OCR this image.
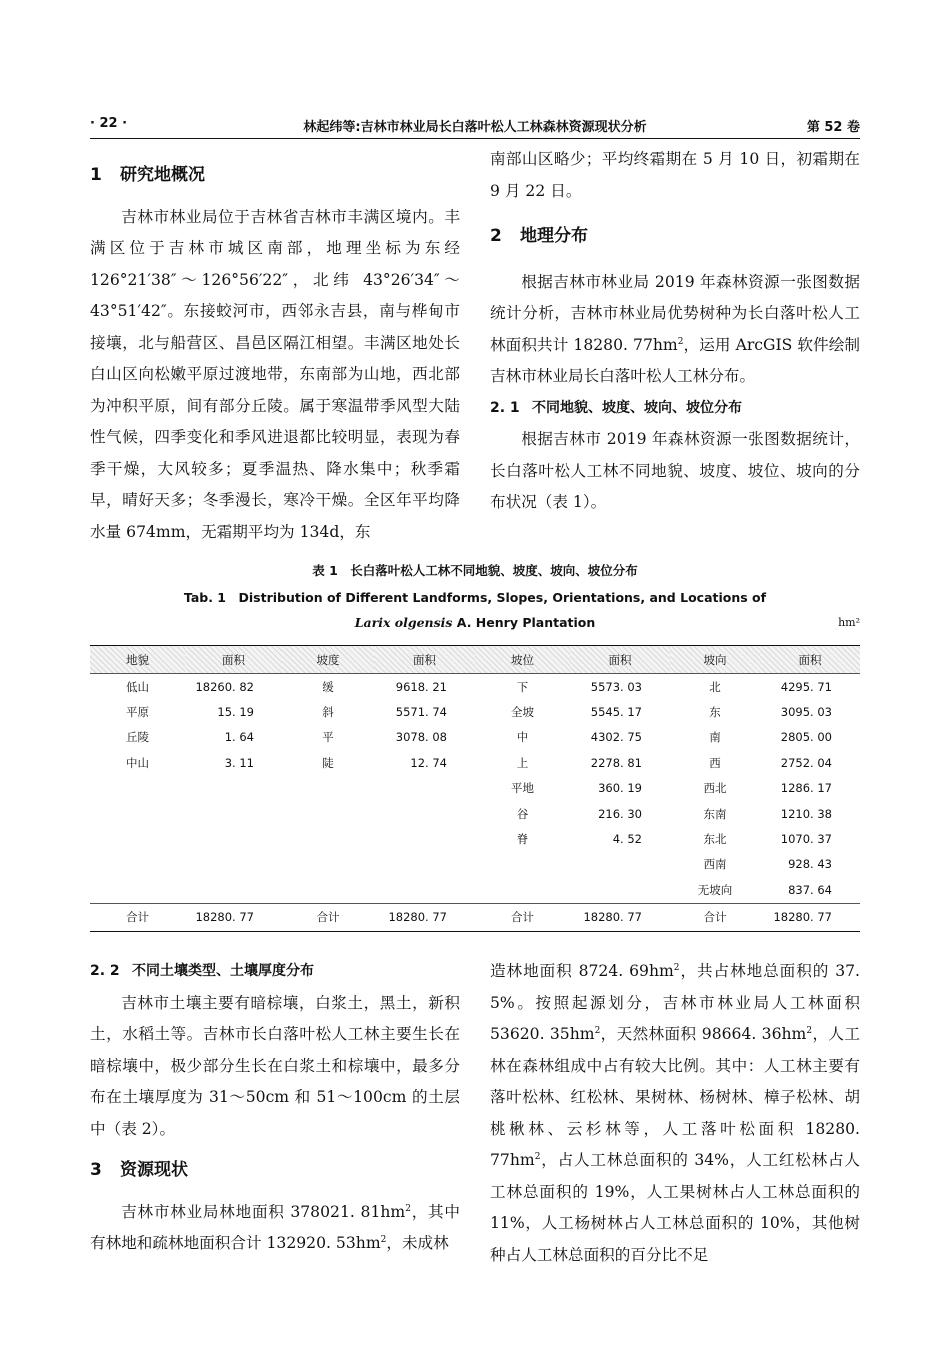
· 22 ·	林起纬等:吉林市林业局长白落叶松人工林森林资源现状分析	第 52 卷
1 研究地概况

吉林市林业局位于吉林省吉林市丰满区境内。丰满区位于吉林市城区南部，地理坐标为东经 126°21′38″～126°56′22″，北纬 43°26′34″～43°51′42″。东接蛟河市，西邻永吉县，南与桦甸市接壤，北与船营区、昌邑区隔江相望。丰满区地处长白山区向松嫩平原过渡地带，东南部为山地，西北部为冲积平原，间有部分丘陵。属于寒温带季风型大陆性气候，四季变化和季风进退都比较明显，表现为春季干燥，大风较多；夏季温热、降水集中；秋季霜早，晴好天多；冬季漫长，寒冷干燥。全区年平均降水量 674mm，无霜期平均为 134d，东

南部山区略少；平均终霜期在 5 月 10 日，初霜期在 9 月 22 日。

2 地理分布

根据吉林市林业局 2019 年森林资源一张图数据统计分析，吉林市林业局优势树种为长白落叶松人工林面积共计 18280. $77hm^2$，运用 ArcGIS 软件绘制吉林市林业局长白落叶松人工林分布。

2. 1 不同地貌、坡度、坡向、坡位分布

根据吉林市 2019 年森林资源一张图数据统计，长白落叶松人工林不同地貌、坡度、坡位、坡向的分布状况（表 1）。

表 1　长白落叶松人工林不同地貌、坡度、坡向、坡位分布
Tab. 1　Distribution of Different Landforms, Slopes, Orientations, and Locations of
Larix olgensis A. Henry Plantation	hm²
地貌	面积	坡度	面积	坡位	面积	坡向	面积
低山	18260. 82	缓	9618. 21	下	5573. 03	北	4295. 71
平原	15. 19	斜	5571. 74	全坡	5545. 17	东	3095. 03
丘陵	1. 64	平	3078. 08	中	4302. 75	南	2805. 00
中山	3. 11	陡	12. 74	上	2278. 81	西	2752. 04
				平地	360. 19	西北	1286. 17
				谷	216. 30	东南	1210. 38
				脊	4. 52	东北	1070. 37
						西南	928. 43
						无坡向	837. 64
合计	18280. 77	合计	18280. 77	合计	18280. 77	合计	18280. 77
2. 2 不同土壤类型、土壤厚度分布

吉林市土壤主要有暗棕壤，白浆土，黑土，新积土，水稻土等。吉林市长白落叶松人工林主要生长在暗棕壤中，极少部分生长在白浆土和棕壤中，最多分布在土壤厚度为 31～50cm 和 51～100cm 的土层中（表 2）。

3 资源现状

吉林市林业局林地面积 378021. $81hm^2$，其中有林地和疏林地面积合计 132920. $53hm^2$，未成林

造林地面积 8724. $69hm^2$，共占林地总面积的 37. 5%。按照起源划分，吉林市林业局人工林面积 53620. $35hm^2$，天然林面积 98664. $36hm^2$，人工林在森林组成中占有较大比例。其中：人工林主要有落叶松林、红松林、果树林、杨树林、樟子松林、胡桃楸林、云杉林等，人工落叶松面积 18280. $77hm^2$，占人工林总面积的 34%，人工红松林占人工林总面积的 19%，人工果树林占人工林总面积的 11%，人工杨树林占人工林总面积的 10%，其他树种占人工林总面积的百分比不足
